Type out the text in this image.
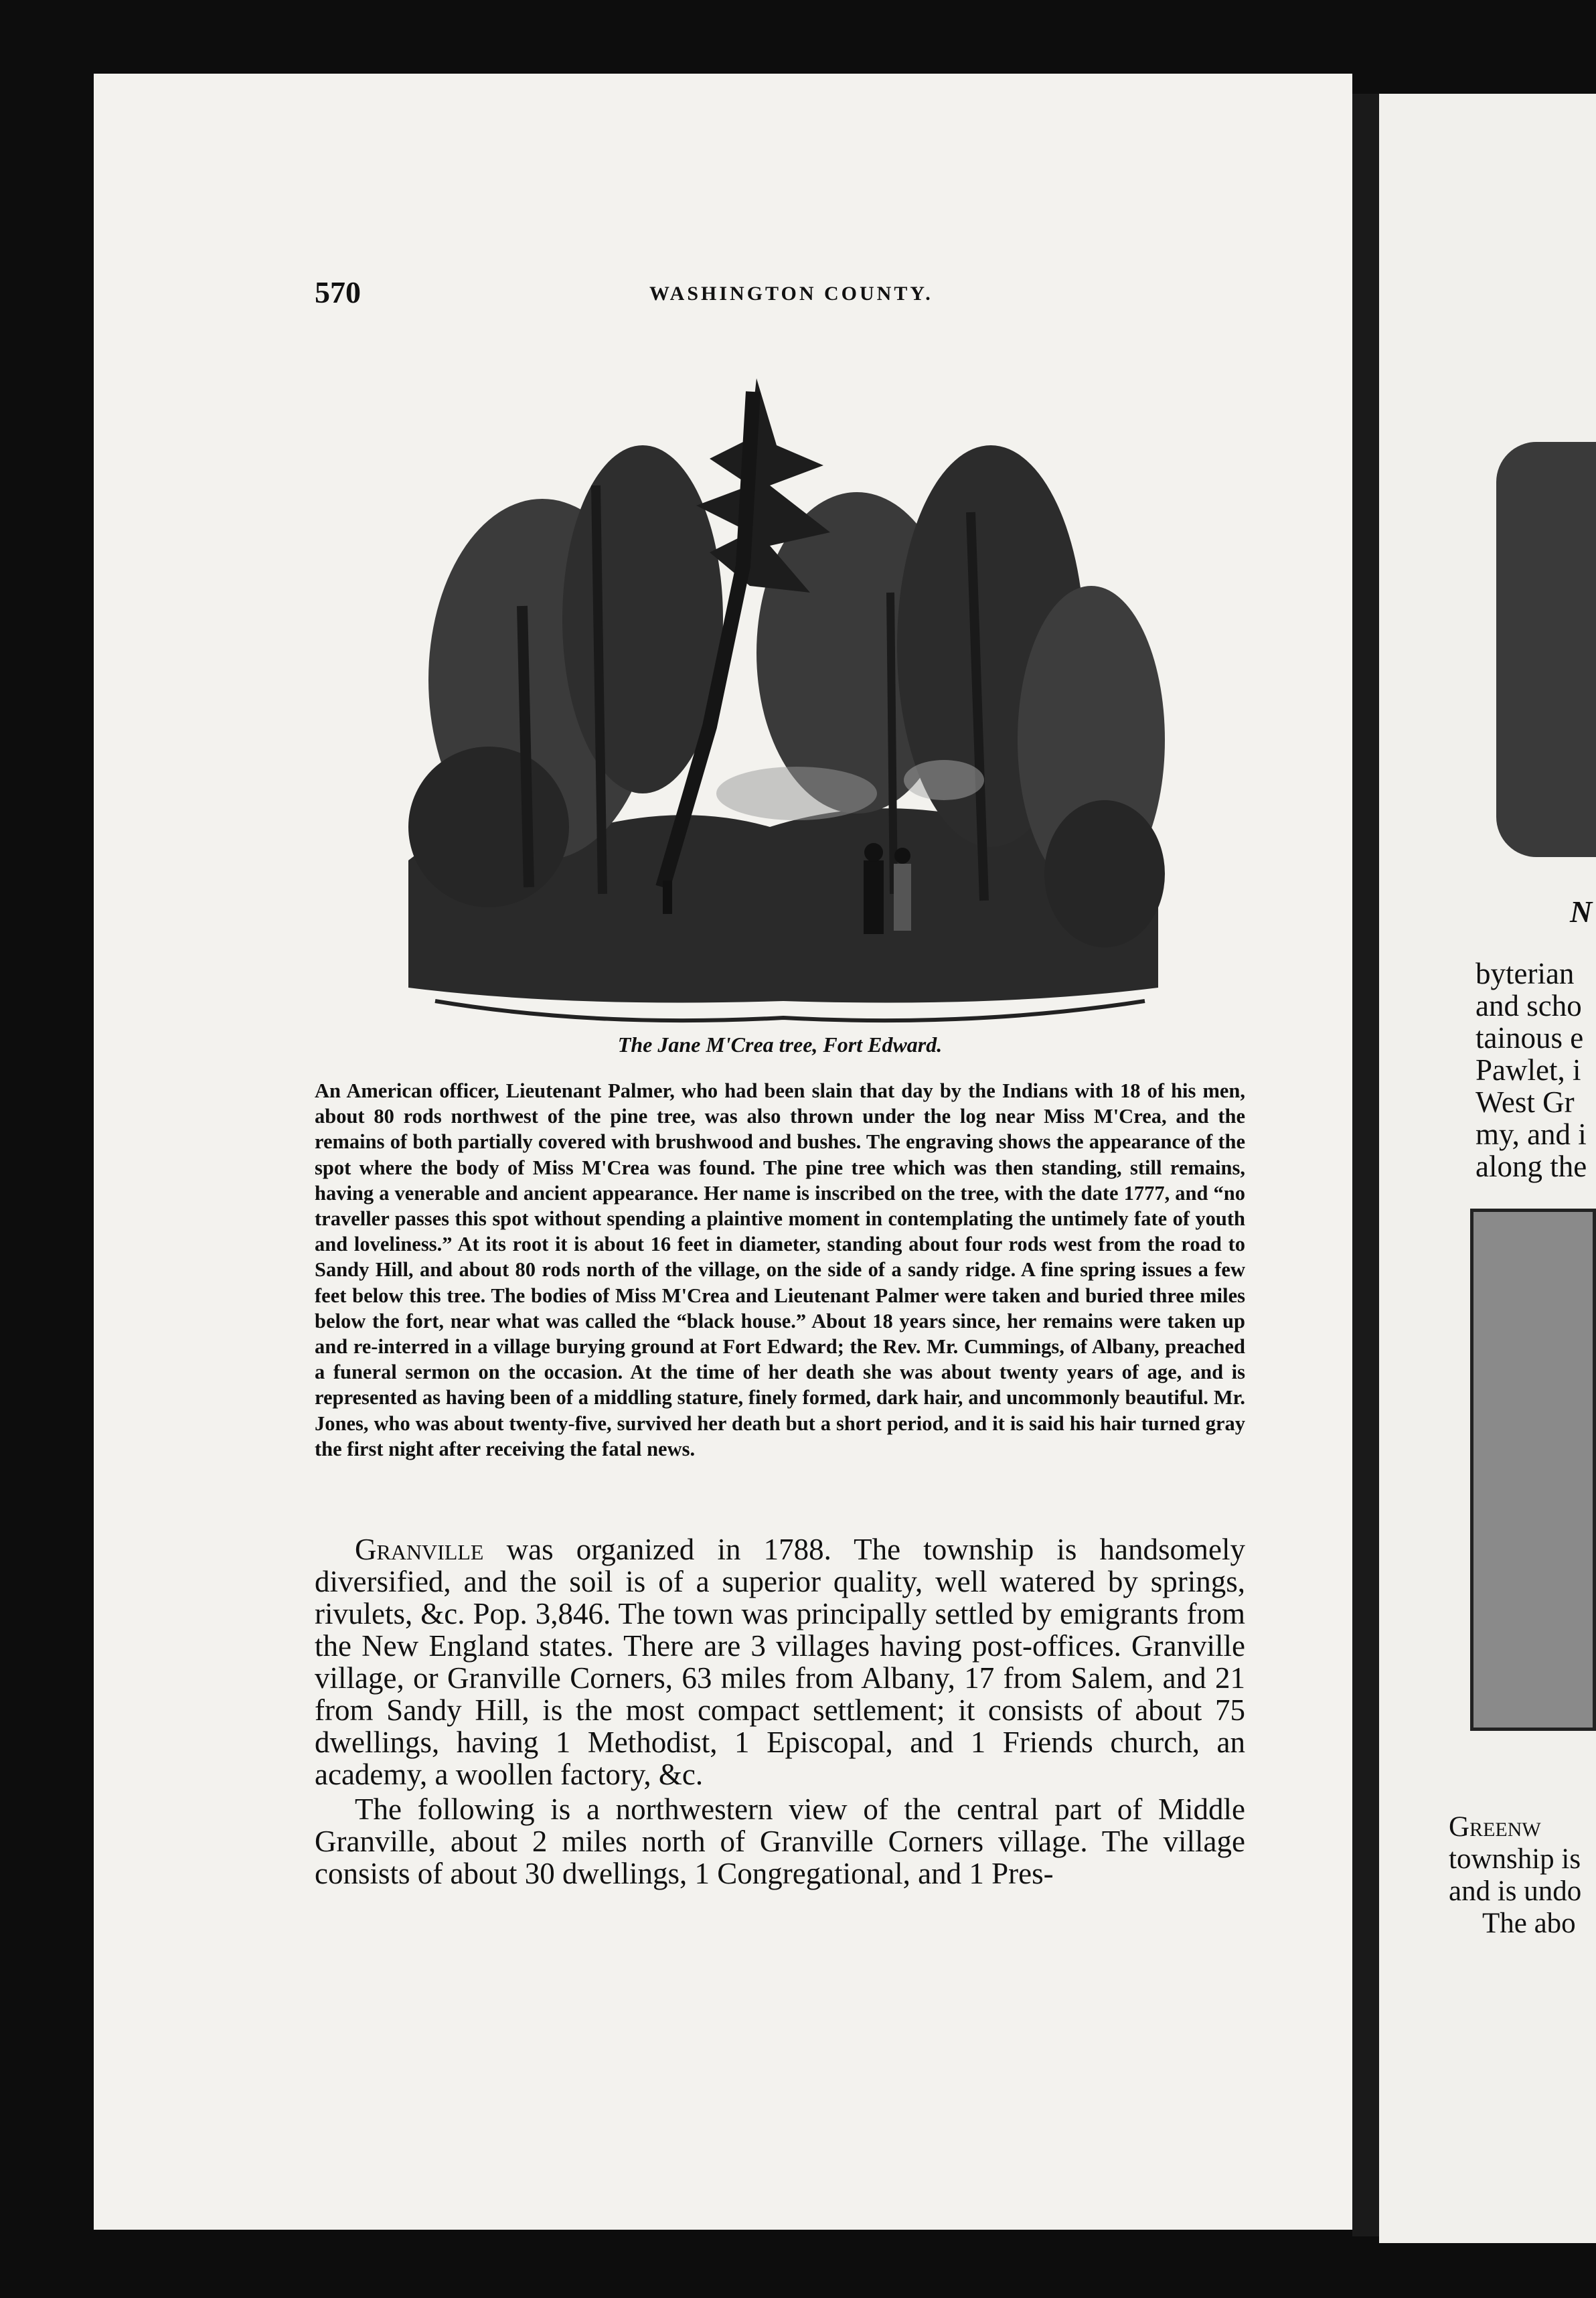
570	WASHINGTON COUNTY.
The Jane M'Crea tree, Fort Edward.

An American officer, Lieutenant Palmer, who had been slain that day by the Indians with 18 of his men, about 80 rods northwest of the pine tree, was also thrown under the log near Miss M'Crea, and the remains of both partially covered with brushwood and bushes. The engraving shows the appearance of the spot where the body of Miss M'Crea was found. The pine tree which was then standing, still remains, having a venerable and ancient appearance. Her name is inscribed on the tree, with the date 1777, and “no traveller passes this spot without spending a plaintive moment in contemplating the untimely fate of youth and loveliness.” At its root it is about 16 feet in diameter, standing about four rods west from the road to Sandy Hill, and about 80 rods north of the village, on the side of a sandy ridge. A fine spring issues a few feet below this tree. The bodies of Miss M'Crea and Lieutenant Palmer were taken and buried three miles below the fort, near what was called the “black house.” About 18 years since, her remains were taken up and re-interred in a village burying ground at Fort Edward; the Rev. Mr. Cummings, of Albany, preached a funeral sermon on the occasion. At the time of her death she was about twenty years of age, and is represented as having been of a middling stature, finely formed, dark hair, and uncommonly beautiful. Mr. Jones, who was about twenty-five, survived her death but a short period, and it is said his hair turned gray the first night after receiving the fatal news.

Granville was organized in 1788. The township is handsomely diversified, and the soil is of a superior quality, well watered by springs, rivulets, &c. Pop. 3,846. The town was principally settled by emigrants from the New England states. There are 3 villages having post-offices. Granville village, or Granville Corners, 63 miles from Albany, 17 from Salem, and 21 from Sandy Hill, is the most compact settlement; it consists of about 75 dwellings, having 1 Methodist, 1 Episcopal, and 1 Friends church, an academy, a woollen factory, &c.

The following is a northwestern view of the central part of Middle Granville, about 2 miles north of Granville Corners village. The village consists of about 30 dwellings, 1 Congregational, and 1 Pres-

N
byterian
and scho
tainous e
Pawlet, i
West Gr
my, and i
along the
Greenw
township is
and is undo
The abo
